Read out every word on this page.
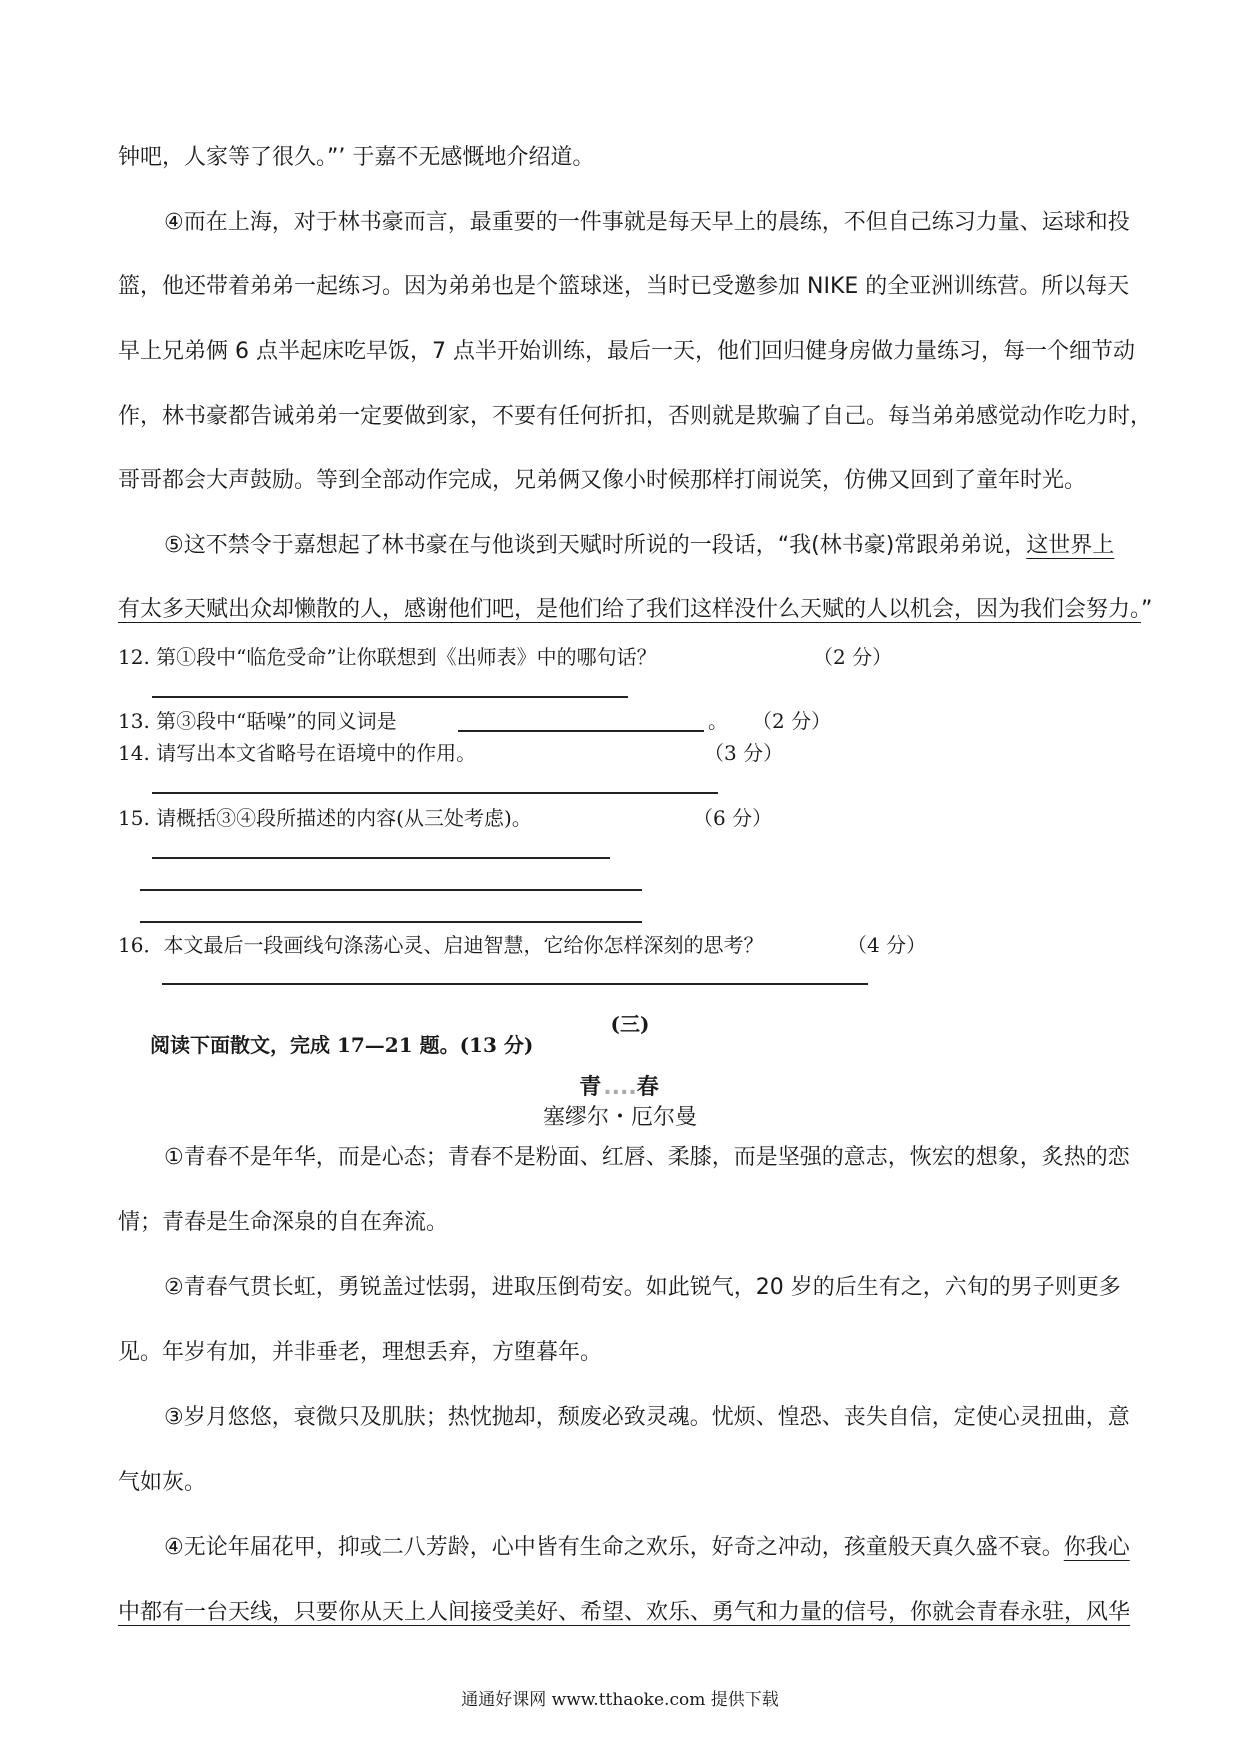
钟吧，人家等了很久。”’ 于嘉不无感慨地介绍道。
④而在上海，对于林书豪而言，最重要的一件事就是每天早上的晨练，不但自己练习力量、运球和投
篮，他还带着弟弟一起练习。因为弟弟也是个篮球迷，当时已受邀参加 NIKE 的全亚洲训练营。所以每天
早上兄弟俩 6 点半起床吃早饭，7 点半开始训练，最后一天，他们回归健身房做力量练习，每一个细节动
作，林书豪都告诫弟弟一定要做到家，不要有任何折扣，否则就是欺骗了自己。每当弟弟感觉动作吃力时，
哥哥都会大声鼓励。等到全部动作完成，兄弟俩又像小时候那样打闹说笑，仿佛又回到了童年时光。
⑤这不禁令于嘉想起了林书豪在与他谈到天赋时所说的一段话，“我(林书豪)常跟弟弟说，这世界上
有太多天赋出众却懒散的人，感谢他们吧，是他们给了我们这样没什么天赋的人以机会，因为我们会努力。”
12. 第①段中“临危受命”让你联想到《出师表》中的哪句话？	（2 分）
13. 第③段中“聒噪”的同义词是	。 （2 分）
14. 请写出本文省略号在语境中的作用。	（3 分）
15. 请概括③④段所描述的内容(从三处考虑)。	（6 分）
16．本文最后一段画线句涤荡心灵、启迪智慧，它给你怎样深刻的思考？	（4 分）
(三)
阅读下面散文，完成 17—21 题。(13 分)
青....春
塞缪尔・厄尔曼
①青春不是年华，而是心态；青春不是粉面、红唇、柔膝，而是坚强的意志，恢宏的想象，炙热的恋
情；青春是生命深泉的自在奔流。
②青春气贯长虹，勇锐盖过怯弱，进取压倒苟安。如此锐气，20 岁的后生有之，六旬的男子则更多
见。年岁有加，并非垂老，理想丢弃，方堕暮年。
③岁月悠悠，衰微只及肌肤；热忱抛却，颓废必致灵魂。忧烦、惶恐、丧失自信，定使心灵扭曲，意
气如灰。
④无论年届花甲，抑或二八芳龄，心中皆有生命之欢乐，好奇之冲动，孩童般天真久盛不衰。你我心
中都有一台天线，只要你从天上人间接受美好、希望、欢乐、勇气和力量的信号，你就会青春永驻，风华
通通好课网 www.tthaoke.com 提供下载
